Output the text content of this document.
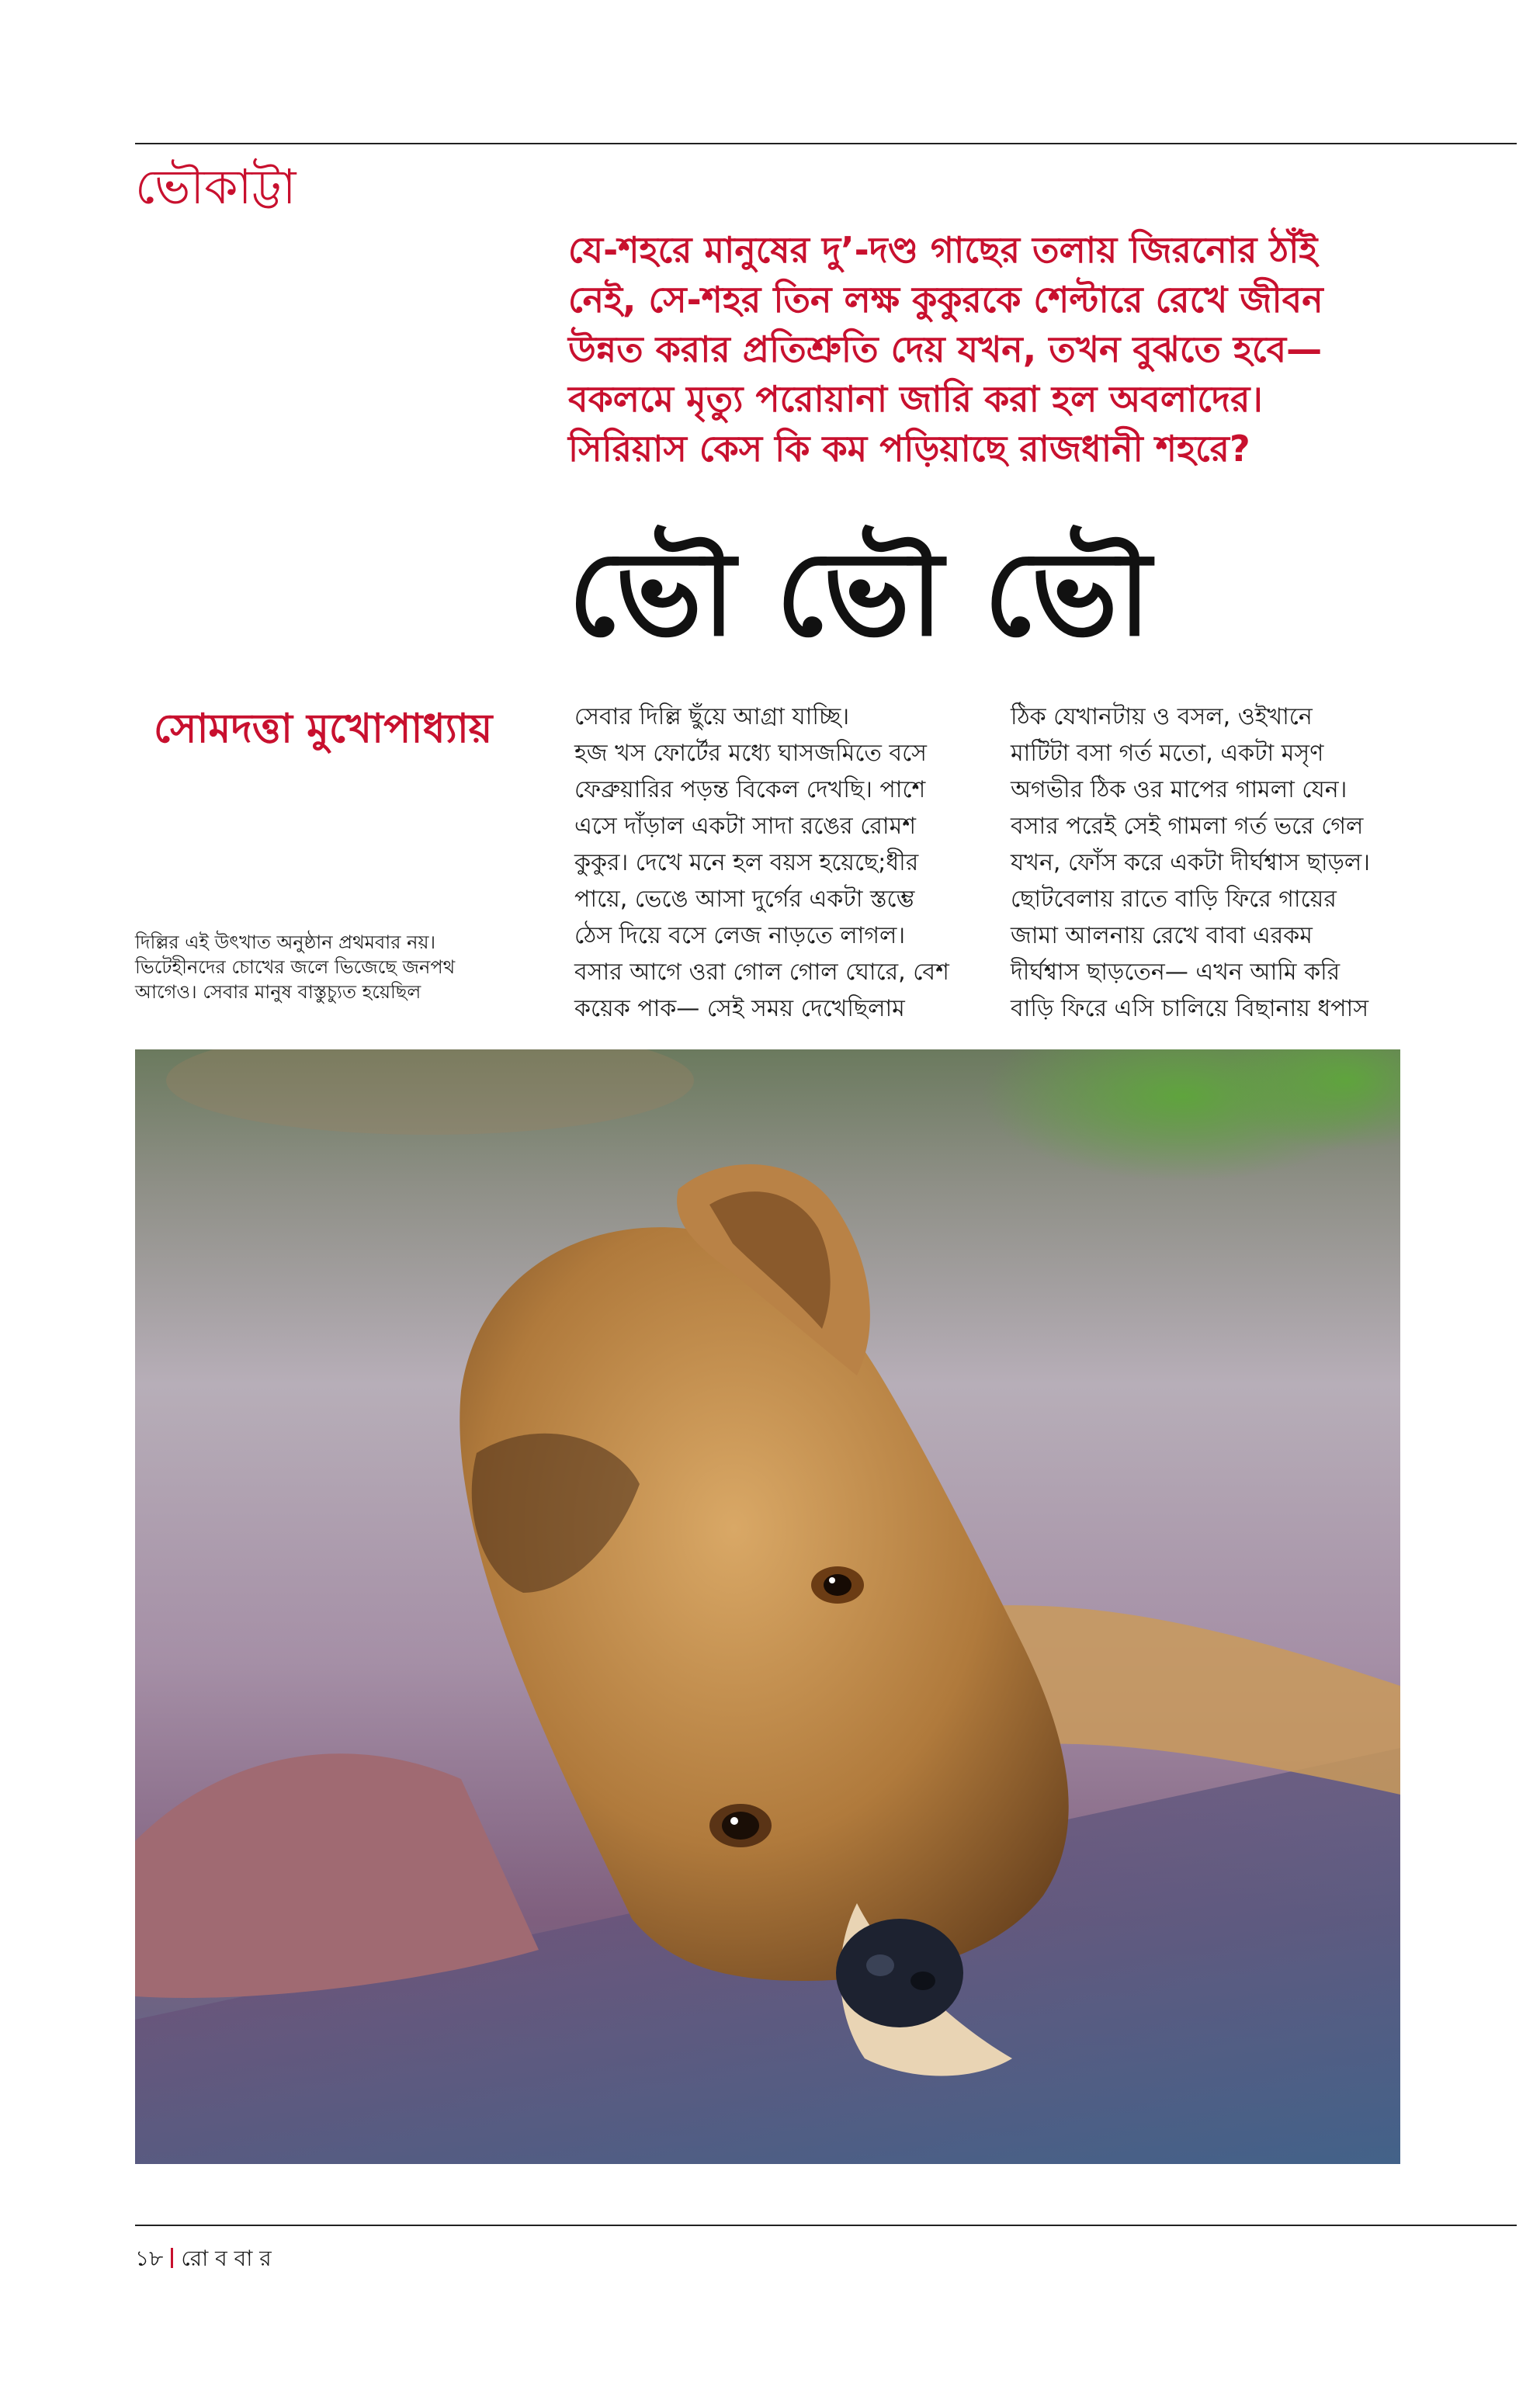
ভৌকাট্টা
যে-শহরে মানুষের দু’-দণ্ড গাছের তলায় জিরনোর ঠাঁই
নেই, সে-শহর তিন লক্ষ কুকুরকে শেল্টারে রেখে জীবন
উন্নত করার প্রতিশ্রুতি দেয় যখন, তখন বুঝতে হবে—
বকলমে মৃত্যু পরোয়ানা জারি করা হল অবলাদের।
সিরিয়াস কেস কি কম পড়িয়াছে রাজধানী শহরে?
ভৌ ভৌ ভৌ
সোমদত্তা মুখোপাধ্যায়	সেবার দিল্লি ছুঁয়ে আগ্রা যাচ্ছি।
হজ খস ফোর্টের মধ্যে ঘাসজমিতে বসে
ফেব্রুয়ারির পড়ন্ত বিকেল দেখছি। পাশে
এসে দাঁড়াল একটা সাদা রঙের রোমশ
কুকুর। দেখে মনে হল বয়স হয়েছে;ধীর
পায়ে, ভেঙে আসা দুর্গের একটা স্তম্ভে
ঠেস দিয়ে বসে লেজ নাড়তে লাগল।
বসার আগে ওরা গোল গোল ঘোরে, বেশ
কয়েক পাক— সেই সময় দেখেছিলাম
ঠিক যেখানটায় ও বসল, ওইখানে
মাটিটা বসা গর্ত মতো, একটা মসৃণ
অগভীর ঠিক ওর মাপের গামলা যেন।
বসার পরেই সেই গামলা গর্ত ভরে গেল
যখন, ফোঁস করে একটা দীর্ঘশ্বাস ছাড়ল।
ছোটবেলায় রাতে বাড়ি ফিরে গায়ের
জামা আলনায় রেখে বাবা এরকম
দীর্ঘশ্বাস ছাড়তেন— এখন আমি করি
বাড়ি ফিরে এসি চালিয়ে বিছানায় ধপাস
দিল্লির এই উৎখাত অনুষ্ঠান প্রথমবার নয়।
ভিটেহীনদের চোখের জলে ভিজেছে জনপথ
আগেও। সেবার মানুষ বাস্তুচ্যুত হয়েছিল
১৮ রো ব বা র
